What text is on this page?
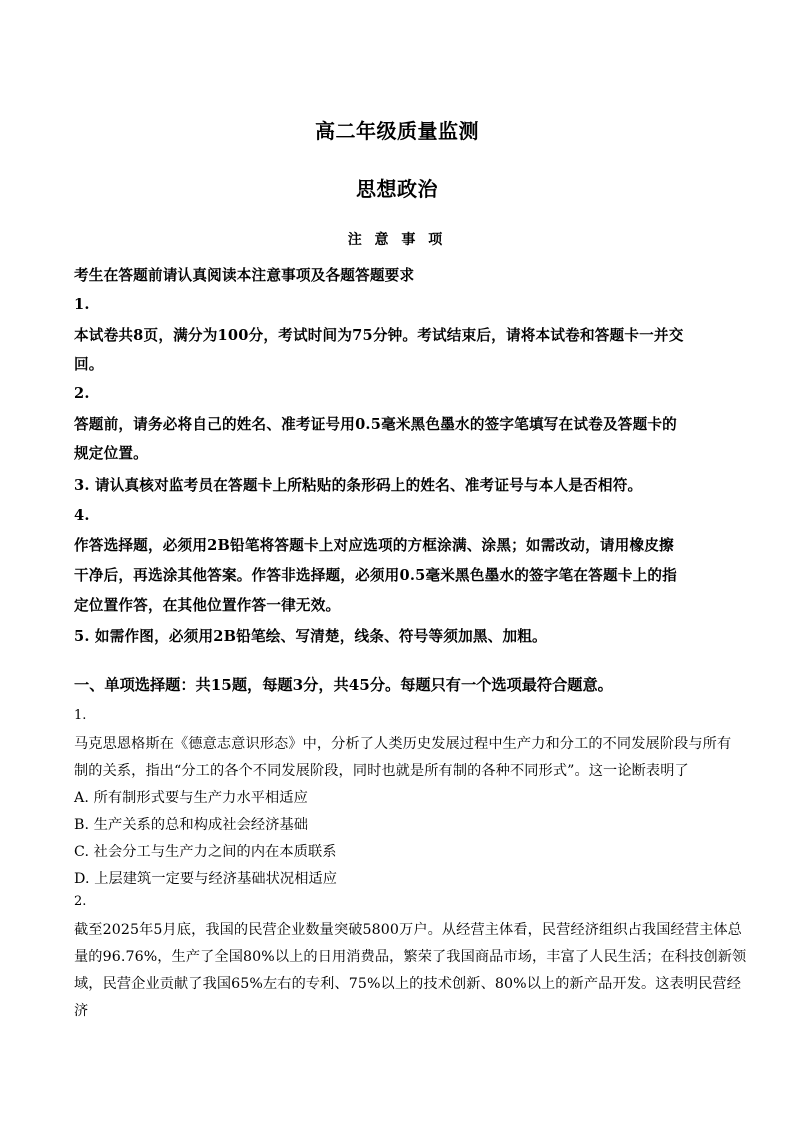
高二年级质量监测
思想政治
注 意 事 项
考生在答题前请认真阅读本注意事项及各题答题要求
1.
本试卷共8页，满分为100分，考试时间为75分钟。考试结束后，请将本试卷和答题卡一并交
回。
2.
答题前，请务必将自己的姓名、准考证号用0.5毫米黑色墨水的签字笔填写在试卷及答题卡的
规定位置。
3. 请认真核对监考员在答题卡上所粘贴的条形码上的姓名、准考证号与本人是否相符。
4.
作答选择题，必须用2B铅笔将答题卡上对应选项的方框涂满、涂黑；如需改动，请用橡皮擦
干净后，再选涂其他答案。作答非选择题，必须用0.5毫米黑色墨水的签字笔在答题卡上的指
定位置作答，在其他位置作答一律无效。
5. 如需作图，必须用2B铅笔绘、写清楚，线条、符号等须加黑、加粗。
一、单项选择题：共15题，每题3分，共45分。每题只有一个选项最符合题意。
1.
马克思恩格斯在《德意志意识形态》中，分析了人类历史发展过程中生产力和分工的不同发展阶段与所有
制的关系，指出“分工的各个不同发展阶段，同时也就是所有制的各种不同形式”。这一论断表明了
A. 所有制形式要与生产力水平相适应
B. 生产关系的总和构成社会经济基础
C. 社会分工与生产力之间的内在本质联系
D. 上层建筑一定要与经济基础状况相适应
2.
截至2025年5月底，我国的民营企业数量突破5800万户。从经营主体看，民营经济组织占我国经营主体总
量的96.76%，生产了全国80%以上的日用消费品，繁荣了我国商品市场，丰富了人民生活；在科技创新领
域，民营企业贡献了我国65%左右的专利、75%以上的技术创新、80%以上的新产品开发。这表明民营经
济
